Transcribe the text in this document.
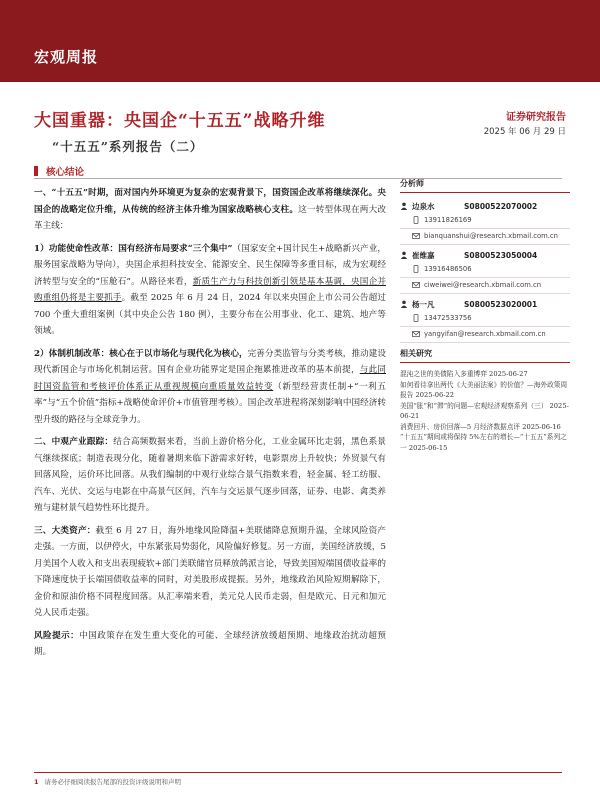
宏观周报
大国重器：央国企“十五五”战略升维
“十五五”系列报告（二）
证券研究报告
2025 年 06 月 29 日
核心结论

一、“十五五”时期，面对国内外环境更为复杂的宏观背景下，国资国企改革将继续深化。央国企的战略定位升维，从传统的经济主体升维为国家战略核心支柱。这一转型体现在两大改革主线：

1）功能使命性改革：国有经济布局要求“三个集中”（国家安全+国计民生+战略新兴产业，服务国家战略为导向），央国企承担科技安全、能源安全、民生保障等多重目标，成为宏观经济转型与安全的“压舱石”。从路径来看，新质生产力与科技创新引领是基本基调，央国企并购重组仍将是主要抓手。截至 2025 年 6 月 24 日，2024 年以来央国企上市公司公告超过 700 个重大重组案例（其中央企公告 180 例），主要分布在公用事业、化工、建筑、地产等领域。

2）体制机制改革：核心在于以市场化与现代化为核心，完善分类监管与分类考核，推动建设现代新国企与市场化机制运营。国有企业功能界定是国企拖累推进改革的基本前提，与此同时国资监管和考核评价体系正从重视规模向重质量效益转变（新型经营责任制+“一利五率”与“五个价值”指标+战略使命评价+市值管理考核）。国企改革进程将深刻影响中国经济转型升级的路径与全球竞争力。

二、中观产业跟踪：结合高频数据来看，当前上游价格分化，工业金属环比走弱，黑色系景气继续探底；制造表现分化，随着暑期来临下游需求好转，电影票房上升较快；外贸景气有回落风险，运价环比回落。从我们编制的中观行业综合景气指数来看，轻金属、轻工纺服、汽车、光伏、交运与电影在中高景气区间，汽车与交运景气逐步回落，证券、电影、禽类养殖与建材景气趋势性环比提升。

三、大类资产：截至 6 月 27 日，海外地缘风险降温+美联储降息预期升温，全球风险资产走强。一方面，以伊停火，中东紧张局势弱化，风险偏好修复。另一方面，美国经济放缓，5 月美国个人收入和支出表现疲软+部门美联储官员释放鸽派言论，导致美国短端国债收益率的下降速度快于长端国债收益率的同时，对美股形成提振。另外，地缘政治风险短期解除下，金价和原油价格不同程度回落。从汇率端来看，美元兑人民币走弱，但是欧元、日元和加元兑人民币走强。

风险提示：中国政策存在发生重大变化的可能、全球经济放缓超预期、地缘政治扰动超预期。

分析师
边泉水	S0800522070002
13911826169
bianquanshui@research.xbmail.com.cn
崔维嘉	S0800523050004
13916486506
ciweiwei@research.xbmail.com.cn
杨一凡	S0800523020001
13472533756
yangyifan@research.xbmail.com.cn
相关研究
混沌之世的美债陷入多重博弈 2025-06-27
如何看待拿出两代《大美丽法案》的价值？—海外政策周报告 2025-06-22
美国“胀”和“滞”的问题—宏观经济观察系列（三） 2025-06-21
消费回升、房价回落—5 月经济数据点评 2025-06-16
“十五五”期间或将保持 5%左右的增长—“十五五”系列之一 2025-06-15
1 请务必仔细阅读报告尾部的投资评级说明和声明
